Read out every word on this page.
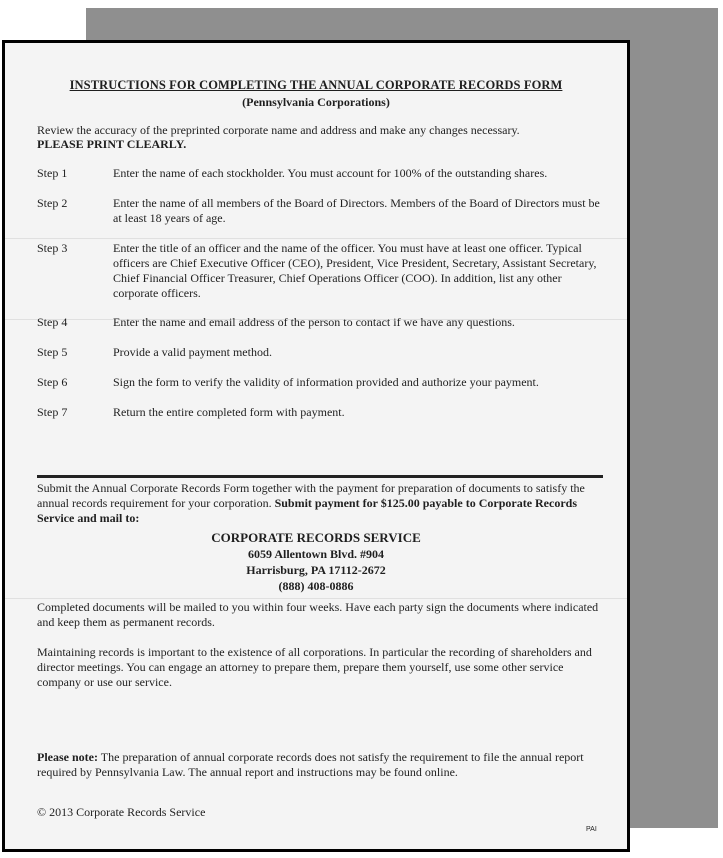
INSTRUCTIONS FOR COMPLETING THE ANNUAL CORPORATE RECORDS FORM
(Pennsylvania Corporations)
Review the accuracy of the preprinted corporate name and address and make any changes necessary.
PLEASE PRINT CLEARLY.
Step 1	Enter the name of each stockholder. You must account for 100% of the outstanding shares.
Step 2	Enter the name of all members of the Board of Directors. Members of the Board of Directors must be at least 18 years of age.
Step 3	Enter the title of an officer and the name of the officer. You must have at least one officer. Typical officers are Chief Executive Officer (CEO), President, Vice President, Secretary, Assistant Secretary, Chief Financial Officer Treasurer, Chief Operations Officer (COO). In addition, list any other corporate officers.
Step 4	Enter the name and email address of the person to contact if we have any questions.
Step 5	Provide a valid payment method.
Step 6	Sign the form to verify the validity of information provided and authorize your payment.
Step 7	Return the entire completed form with payment.
Submit the Annual Corporate Records Form together with the payment for preparation of documents to satisfy the annual records requirement for your corporation. Submit payment for $125.00 payable to Corporate Records Service and mail to:
CORPORATE RECORDS SERVICE
6059 Allentown Blvd. #904
Harrisburg, PA 17112-2672
(888) 408-0886
Completed documents will be mailed to you within four weeks. Have each party sign the documents where indicated and keep them as permanent records.
Maintaining records is important to the existence of all corporations. In particular the recording of shareholders and director meetings. You can engage an attorney to prepare them, prepare them yourself, use some other service company or use our service.
Please note: The preparation of annual corporate records does not satisfy the requirement to file the annual report required by Pennsylvania Law. The annual report and instructions may be found online.
© 2013 Corporate Records Service
PAI
